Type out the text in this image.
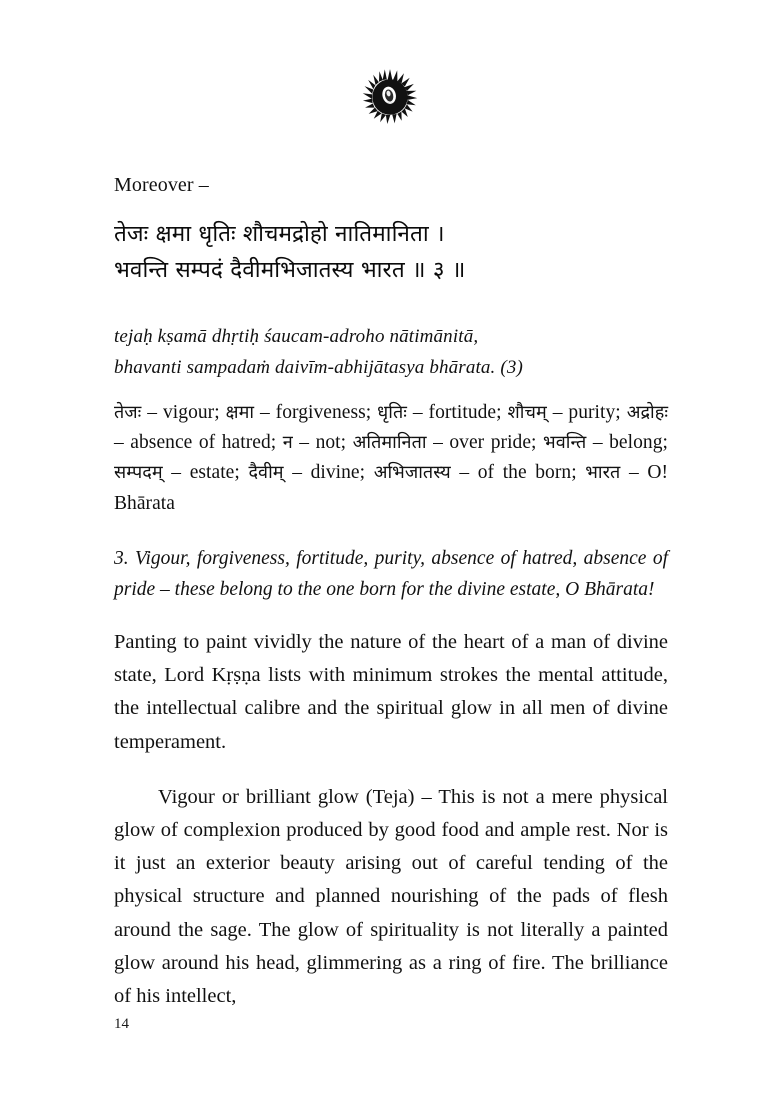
Moreover –
तेजः क्षमा धृतिः शौचमद्रोहो नातिमानिता ।
भवन्ति सम्पदं दैवीमभिजातस्य भारत ॥ ३ ॥
tejaḥ kṣamā dhṛtiḥ śaucam-adroho nātimānitā,
bhavanti sampadaṁ daivīm-abhijātasya bhārata. (3)
तेजः – vigour; क्षमा – forgiveness; धृतिः – fortitude; शौचम् – purity; अद्रोहः – absence of hatred; न – not; अतिमानिता – over pride; भवन्ति – belong; सम्पदम् – estate; दैवीम् – divine; अभिजातस्य – of the born; भारत – O! Bhārata
3. Vigour, forgiveness, fortitude, purity, absence of hatred, absence of pride – these belong to the one born for the divine estate, O Bhārata!

Panting to paint vividly the nature of the heart of a man of divine state, Lord Kṛṣṇa lists with minimum strokes the mental attitude, the intellectual calibre and the spiritual glow in all men of divine temperament.

Vigour or brilliant glow (Teja) – This is not a mere physical glow of complexion produced by good food and ample rest. Nor is it just an exterior beauty arising out of careful tending of the physical structure and planned nourishing of the pads of flesh around the sage. The glow of spirituality is not literally a painted glow around his head, glimmering as a ring of fire. The brilliance of his intellect,

14
